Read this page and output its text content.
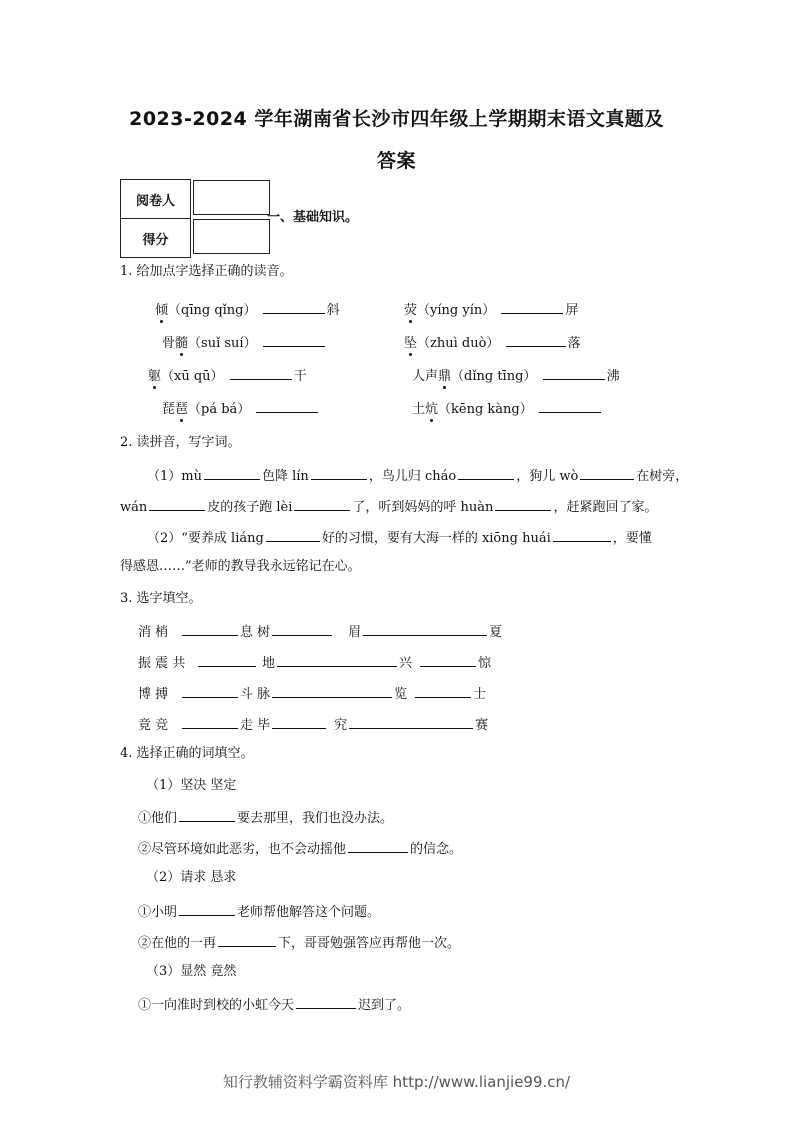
2023-2024 学年湖南省长沙市四年级上学期期末语文真题及
答案
阅卷人	
得分	
一、基础知识。
1. 给加点字选择正确的读音。
倾（qīng qǐng）	斜	荧（yíng yín）	屏
骨髓（suǐ suí）	坠（zhuì duò）	落
躯（xū qū）	干	人声鼎（dǐng tīng）	沸
琵琶（pá bá）	土炕（kēng kàng）
2. 读拼音，写字词。
（1）mù	色降 lín	，鸟儿归 cháo	，狗儿 wò	在树旁，
wán	皮的孩子跑 lèi	了，听到妈妈的呼 huàn	，赶紧跑回了家。
（2）“要养成 liáng	好的习惯，要有大海一样的 xiōng huái	，要懂
得感恩……”老师的教导我永远铭记在心。
3. 选字填空。
消 梢	息 树	眉	夏
振 震 共	地	兴	惊
博 搏	斗 脉	览	士
竟 竞	走 毕	究	赛
4. 选择正确的词填空。
（1）坚决 坚定
①他们	要去那里，我们也没办法。
②尽管环境如此恶劣，也不会动摇他	的信念。
（2）请求 恳求
①小明	老师帮他解答这个问题。
②在他的一再	下，哥哥勉强答应再帮他一次。
（3）显然 竟然
①一向准时到校的小虹今天	迟到了。
知行教辅资料学霸资料库 http://www.lianjie99.cn/
